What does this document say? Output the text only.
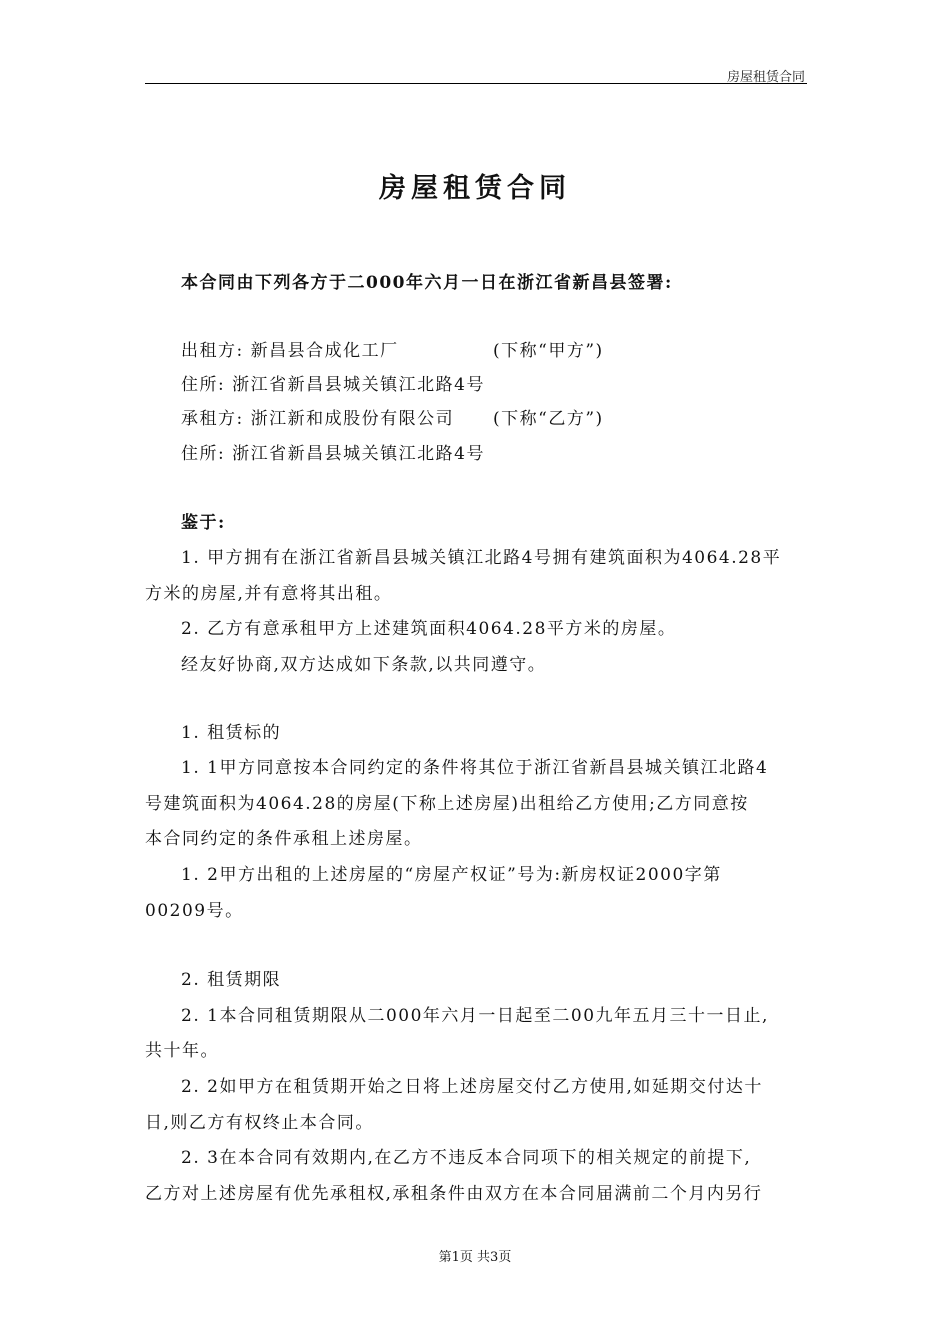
房屋租赁合同
房屋租赁合同
本合同由下列各方于二000年六月一日在浙江省新昌县签署:
出租方: 新昌县合成化工厂	(下称“甲方”)
住所: 浙江省新昌县城关镇江北路4号
承租方: 浙江新和成股份有限公司 (下称“乙方”)
住所: 浙江省新昌县城关镇江北路4号
鉴于:
1. 甲方拥有在浙江省新昌县城关镇江北路4号拥有建筑面积为4064.28平
方米的房屋,并有意将其出租。
2. 乙方有意承租甲方上述建筑面积4064.28平方米的房屋。
经友好协商,双方达成如下条款,以共同遵守。
1. 租赁标的
1. 1甲方同意按本合同约定的条件将其位于浙江省新昌县城关镇江北路4
号建筑面积为4064.28的房屋(下称上述房屋)出租给乙方使用;乙方同意按
本合同约定的条件承租上述房屋。
1. 2甲方出租的上述房屋的“房屋产权证”号为:新房权证2000字第
00209号。
2. 租赁期限
2. 1本合同租赁期限从二000年六月一日起至二00九年五月三十一日止,
共十年。
2. 2如甲方在租赁期开始之日将上述房屋交付乙方使用,如延期交付达十
日,则乙方有权终止本合同。
2. 3在本合同有效期内,在乙方不违反本合同项下的相关规定的前提下,
乙方对上述房屋有优先承租权,承租条件由双方在本合同届满前二个月内另行
第1页 共3页
